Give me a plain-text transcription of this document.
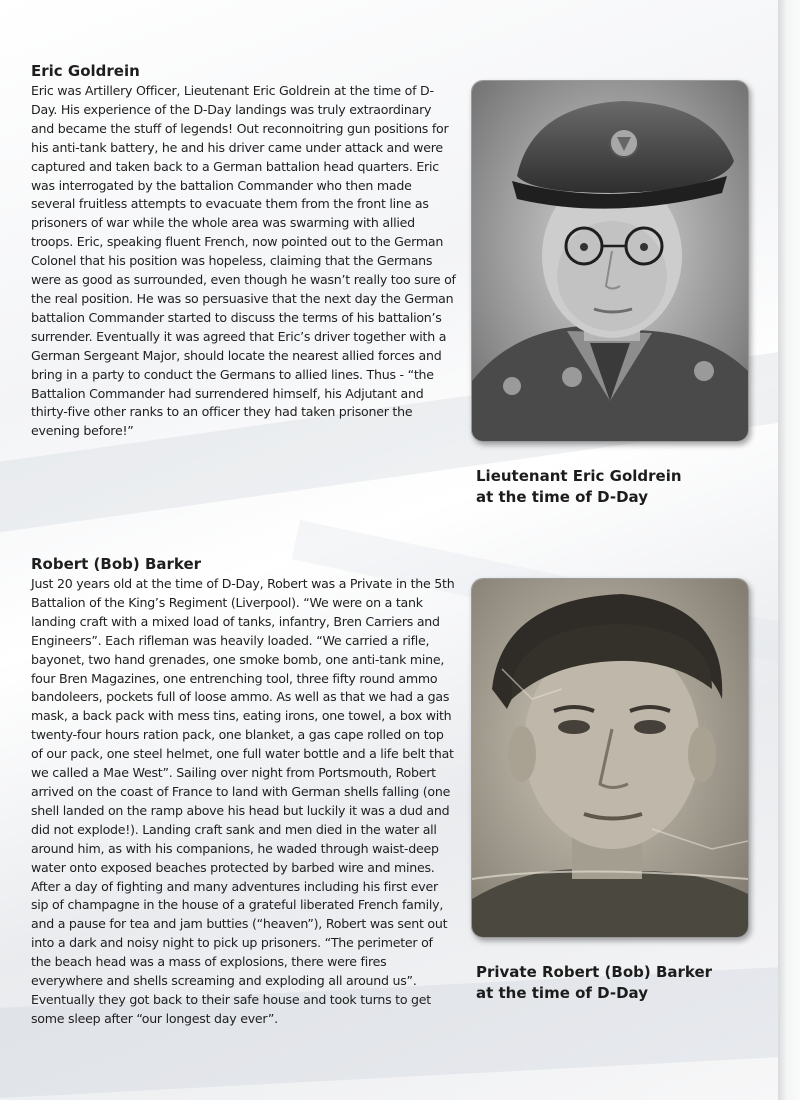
Eric Goldrein

Eric was Artillery Officer, Lieutenant Eric Goldrein at the time of D-Day. His experience of the D-Day landings was truly extraordinary and became the stuff of legends! Out reconnoitring gun positions for his anti-tank battery, he and his driver came under attack and were captured and taken back to a German battalion head quarters. Eric was interrogated by the battalion Commander who then made several fruitless attempts to evacuate them from the front line as prisoners of war while the whole area was swarming with allied troops. Eric, speaking fluent French, now pointed out to the German Colonel that his position was hopeless, claiming that the Germans were as good as surrounded, even though he wasn’t really too sure of the real position. He was so persuasive that the next day the German battalion Commander started to discuss the terms of his battalion’s surrender. Eventually it was agreed that Eric’s driver together with a German Sergeant Major, should locate the nearest allied forces and bring in a party to conduct the Germans to allied lines. Thus - “the Battalion Commander had surrendered himself, his Adjutant and thirty-five other ranks to an officer they had taken prisoner the evening before!”

Lieutenant Eric Goldrein
at the time of D-Day

Robert (Bob) Barker

Just 20 years old at the time of D-Day, Robert was a Private in the 5th Battalion of the King’s Regiment (Liverpool). “We were on a tank landing craft with a mixed load of tanks, infantry, Bren Carriers and Engineers”. Each rifleman was heavily loaded. “We carried a rifle, bayonet, two hand grenades, one smoke bomb, one anti-tank mine, four Bren Magazines, one entrenching tool, three fifty round ammo bandoleers, pockets full of loose ammo. As well as that we had a gas mask, a back pack with mess tins, eating irons, one towel, a box with twenty-four hours ration pack, one blanket, a gas cape rolled on top of our pack, one steel helmet, one full water bottle and a life belt that we called a Mae West”. Sailing over night from Portsmouth, Robert arrived on the coast of France to land with German shells falling (one shell landed on the ramp above his head but luckily it was a dud and did not explode!). Landing craft sank and men died in the water all around him, as with his companions, he waded through waist-deep water onto exposed beaches protected by barbed wire and mines. After a day of fighting and many adventures including his first ever sip of champagne in the house of a grateful liberated French family, and a pause for tea and jam butties (“heaven”), Robert was sent out into a dark and noisy night to pick up prisoners. “The perimeter of the beach head was a mass of explosions, there were fires everywhere and shells screaming and exploding all around us”. Eventually they got back to their safe house and took turns to get some sleep after “our longest day ever”.

Private Robert (Bob) Barker
at the time of D-Day
